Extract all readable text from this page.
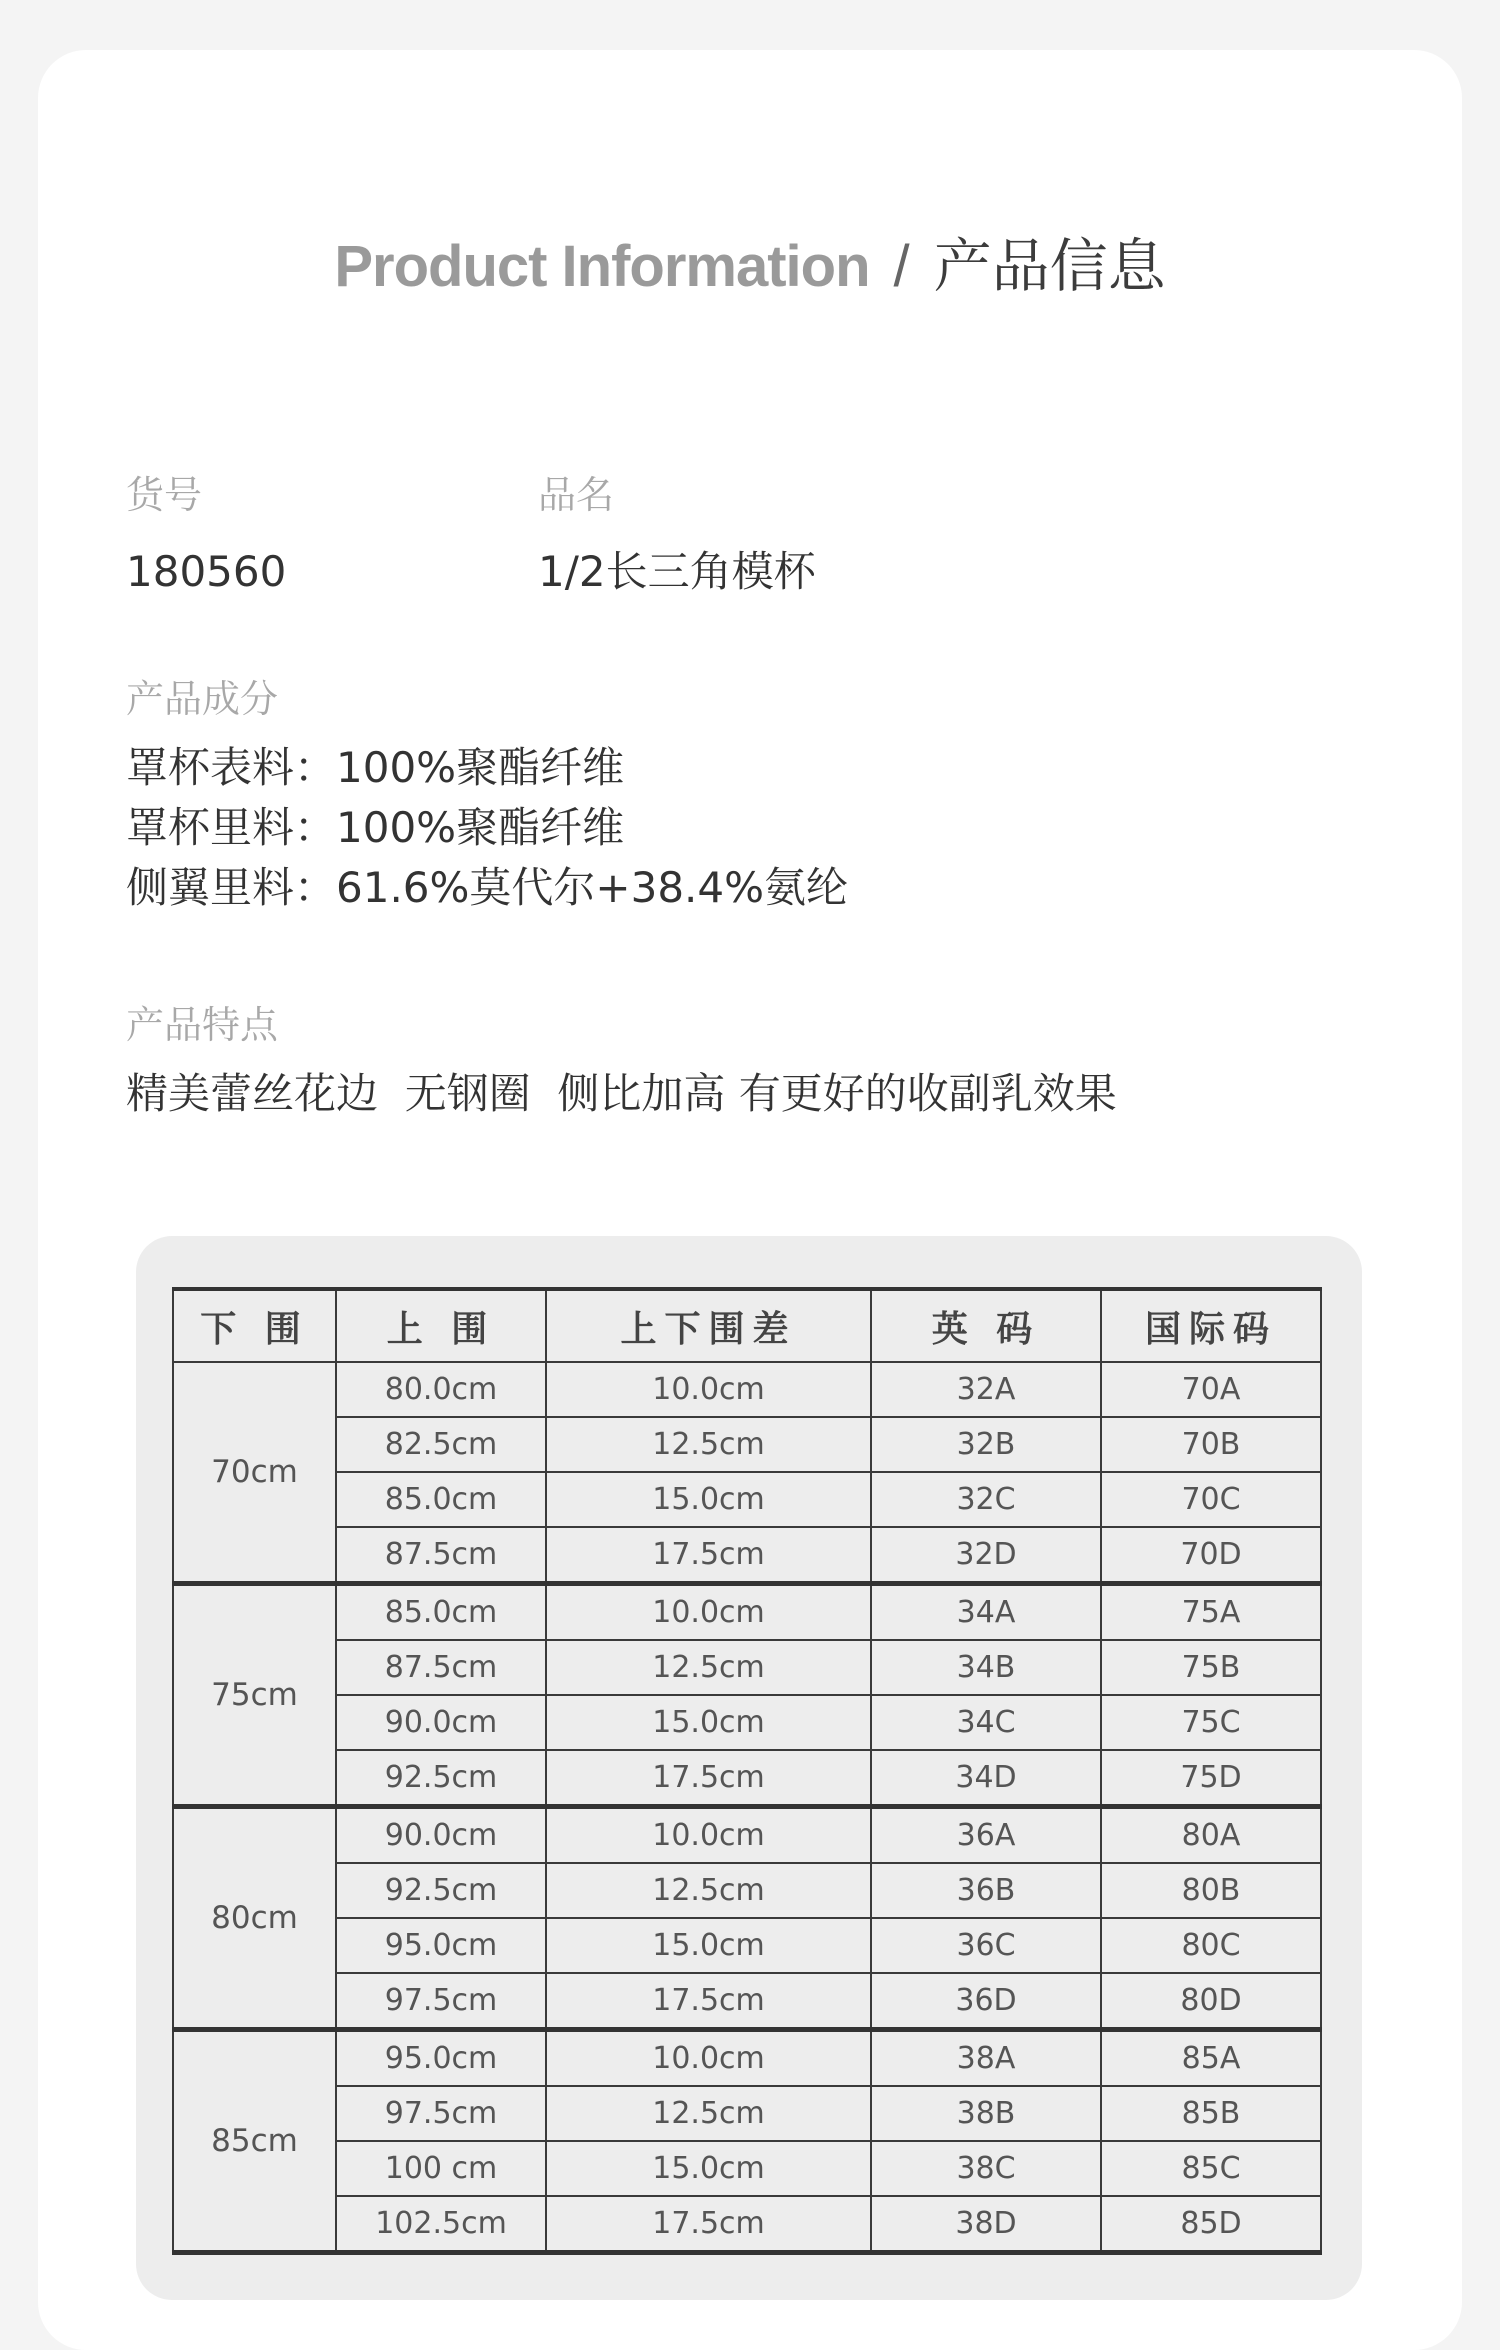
Product Information / 产品信息
货号
180560
品名
1/2长三角模杯
产品成分
罩杯表料：100%聚酯纤维
罩杯里料：100%聚酯纤维
侧翼里料：61.6%莫代尔+38.4%氨纶
产品特点
精美蕾丝花边  无钢圈  侧比加高 有更好的收副乳效果
下 围	上 围	上下围差	英 码	国际码
70cm	80.0cm	10.0cm	32A	70A
	82.5cm	12.5cm	32B	70B
	85.0cm	15.0cm	32C	70C
	87.5cm	17.5cm	32D	70D
75cm	85.0cm	10.0cm	34A	75A
	87.5cm	12.5cm	34B	75B
	90.0cm	15.0cm	34C	75C
	92.5cm	17.5cm	34D	75D
80cm	90.0cm	10.0cm	36A	80A
	92.5cm	12.5cm	36B	80B
	95.0cm	15.0cm	36C	80C
	97.5cm	17.5cm	36D	80D
85cm	95.0cm	10.0cm	38A	85A
	97.5cm	12.5cm	38B	85B
	100 cm	15.0cm	38C	85C
	102.5cm	17.5cm	38D	85D
